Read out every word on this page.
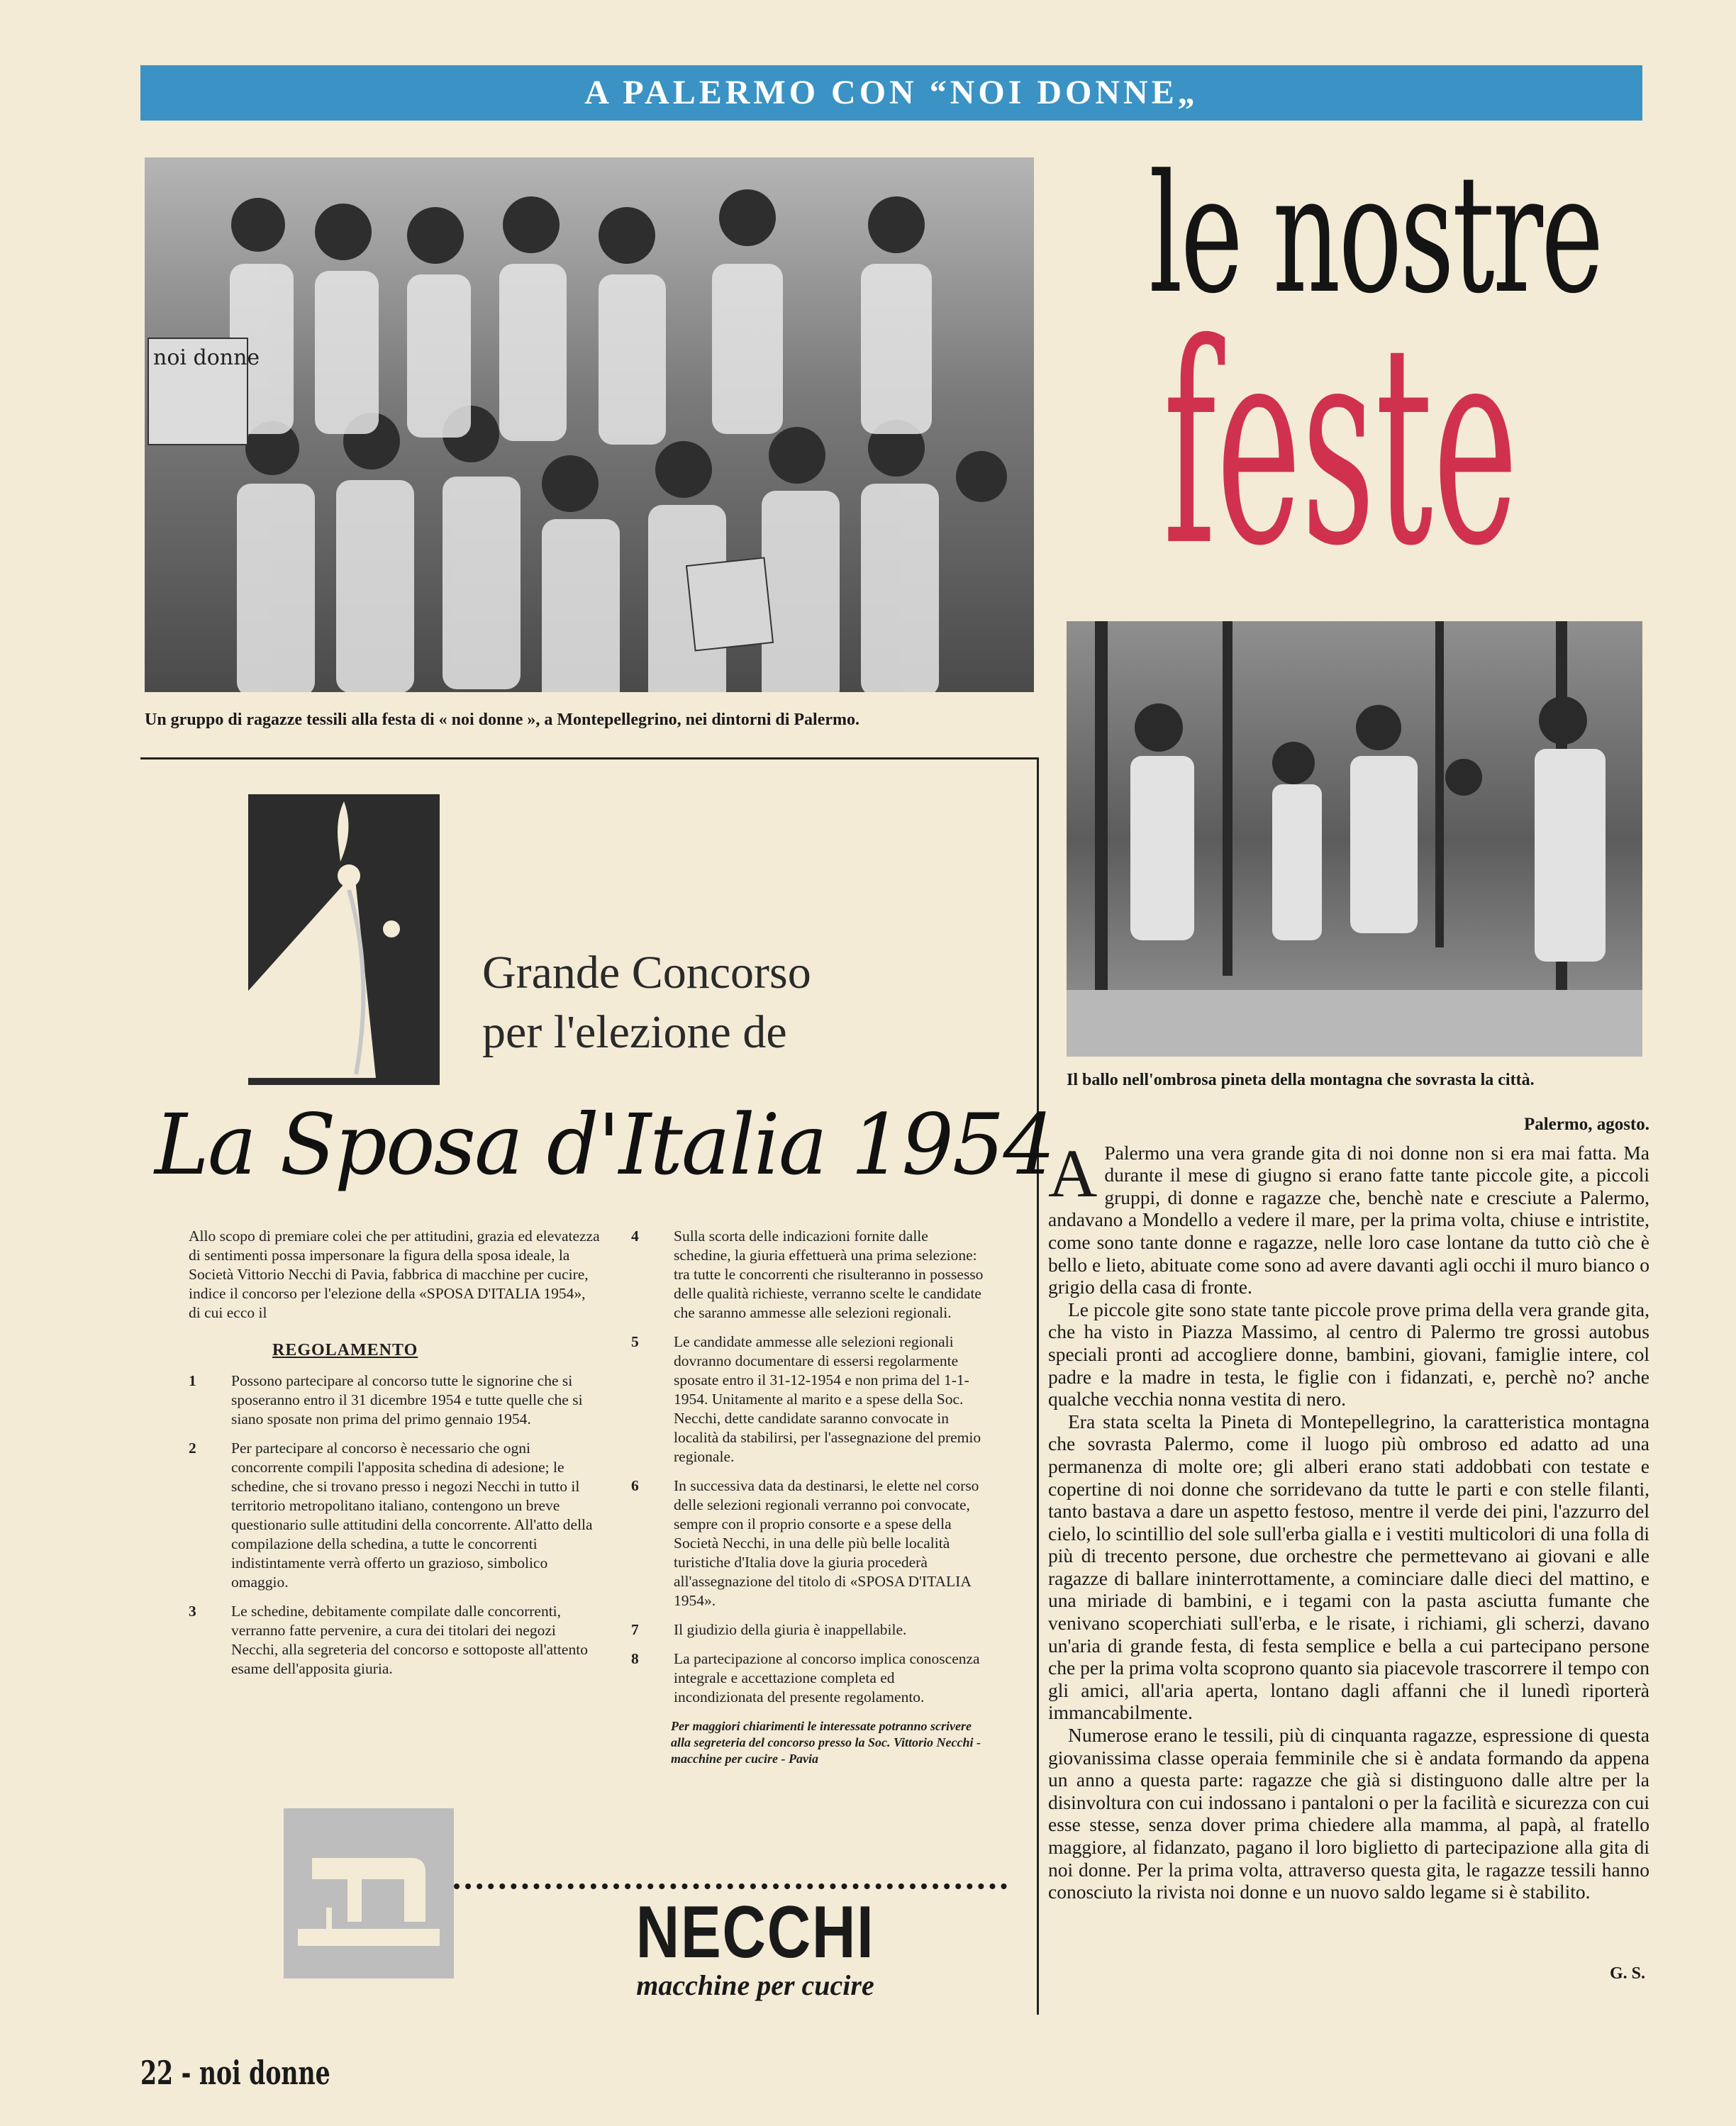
A PALERMO CON “NOI DONNE„
noi donne
Un gruppo di ragazze tessili alla festa di « noi donne », a Montepellegrino, nei dintorni di Palermo.
le nostre
feste
Il ballo nell'ombrosa pineta della montagna che sovrasta la città.
Grande Concorso
per l'elezione de
La Sposa d'Italia 1954
Allo scopo di premiare colei che per attitudini, grazia ed elevatezza di sentimenti possa impersonare la figura della sposa ideale, la Società Vittorio Necchi di Pavia, fabbrica di macchine per cucire, indice il concorso per l'elezione della «SPOSA D'ITALIA 1954», di cui ecco il
REGOLAMENTO
1	Possono partecipare al concorso tutte le signorine che si sposeranno entro il 31 dicembre 1954 e tutte quelle che si siano sposate non prima del primo gennaio 1954.
2	Per partecipare al concorso è necessario che ogni concorrente compili l'apposita schedina di adesione; le schedine, che si trovano presso i negozi Necchi in tutto il territorio metropolitano italiano, contengono un breve questionario sulle attitudini della concorrente. All'atto della compilazione della schedina, a tutte le concorrenti indistintamente verrà offerto un grazioso, simbolico omaggio.
3	Le schedine, debitamente compilate dalle concorrenti, verranno fatte pervenire, a cura dei titolari dei negozi Necchi, alla segreteria del concorso e sottoposte all'attento esame dell'apposita giuria.
4	Sulla scorta delle indicazioni fornite dalle schedine, la giuria effettuerà una prima selezione: tra tutte le concorrenti che risulteranno in possesso delle qualità richieste, verranno scelte le candidate che saranno ammesse alle selezioni regionali.
5	Le candidate ammesse alle selezioni regionali dovranno documentare di essersi regolarmente sposate entro il 31-12-1954 e non prima del 1-1-1954. Unitamente al marito e a spese della Soc. Necchi, dette candidate saranno convocate in località da stabilirsi, per l'assegnazione del premio regionale.
6	In successiva data da destinarsi, le elette nel corso delle selezioni regionali verranno poi convocate, sempre con il proprio consorte e a spese della Società Necchi, in una delle più belle località turistiche d'Italia dove la giuria procederà all'assegnazione del titolo di «SPOSA D'ITALIA 1954».
7	Il giudizio della giuria è inappellabile.
8	La partecipazione al concorso implica conoscenza integrale e accettazione completa ed incondizionata del presente regolamento.
Per maggiori chiarimenti le interessate potranno scrivere alla segreteria del concorso presso la Soc. Vittorio Necchi - macchine per cucire - Pavia
NECCHI
macchine per cucire
Palermo, agosto.
A Palermo una vera grande gita di noi donne non si era mai fatta. Ma durante il mese di giugno si erano fatte tante piccole gite, a piccoli gruppi, di donne e ragazze che, benchè nate e cresciute a Palermo, andavano a Mondello a vedere il mare, per la prima volta, chiuse e intristite, come sono tante donne e ragazze, nelle loro case lontane da tutto ciò che è bello e lieto, abituate come sono ad avere davanti agli occhi il muro bianco o grigio della casa di fronte.

Le piccole gite sono state tante piccole prove prima della vera grande gita, che ha visto in Piazza Massimo, al centro di Palermo tre grossi autobus speciali pronti ad accogliere donne, bambini, giovani, famiglie intere, col padre e la madre in testa, le figlie con i fidanzati, e, perchè no? anche qualche vecchia nonna vestita di nero.

Era stata scelta la Pineta di Montepellegrino, la caratteristica montagna che sovrasta Palermo, come il luogo più ombroso ed adatto ad una permanenza di molte ore; gli alberi erano stati addobbati con testate e copertine di noi donne che sorridevano da tutte le parti e con stelle filanti, tanto bastava a dare un aspetto festoso, mentre il verde dei pini, l'azzurro del cielo, lo scintillio del sole sull'erba gialla e i vestiti multicolori di una folla di più di trecento persone, due orchestre che permettevano ai giovani e alle ragazze di ballare ininterrottamente, a cominciare dalle dieci del mattino, e una miriade di bambini, e i tegami con la pasta asciutta fumante che venivano scoperchiati sull'erba, e le risate, i richiami, gli scherzi, davano un'aria di grande festa, di festa semplice e bella a cui partecipano persone che per la prima volta scoprono quanto sia piacevole trascorrere il tempo con gli amici, all'aria aperta, lontano dagli affanni che il lunedì riporterà immancabilmente.

Numerose erano le tessili, più di cinquanta ragazze, espressione di questa giovanissima classe operaia femminile che si è andata formando da appena un anno a questa parte: ragazze che già si distinguono dalle altre per la disinvoltura con cui indossano i pantaloni o per la facilità e sicurezza con cui esse stesse, senza dover prima chiedere alla mamma, al papà, al fratello maggiore, al fidanzato, pagano il loro biglietto di partecipazione alla gita di noi donne. Per la prima volta, attraverso questa gita, le ragazze tessili hanno conosciuto la rivista noi donne e un nuovo saldo legame si è stabilito.

G. S.
22 - noi donne
